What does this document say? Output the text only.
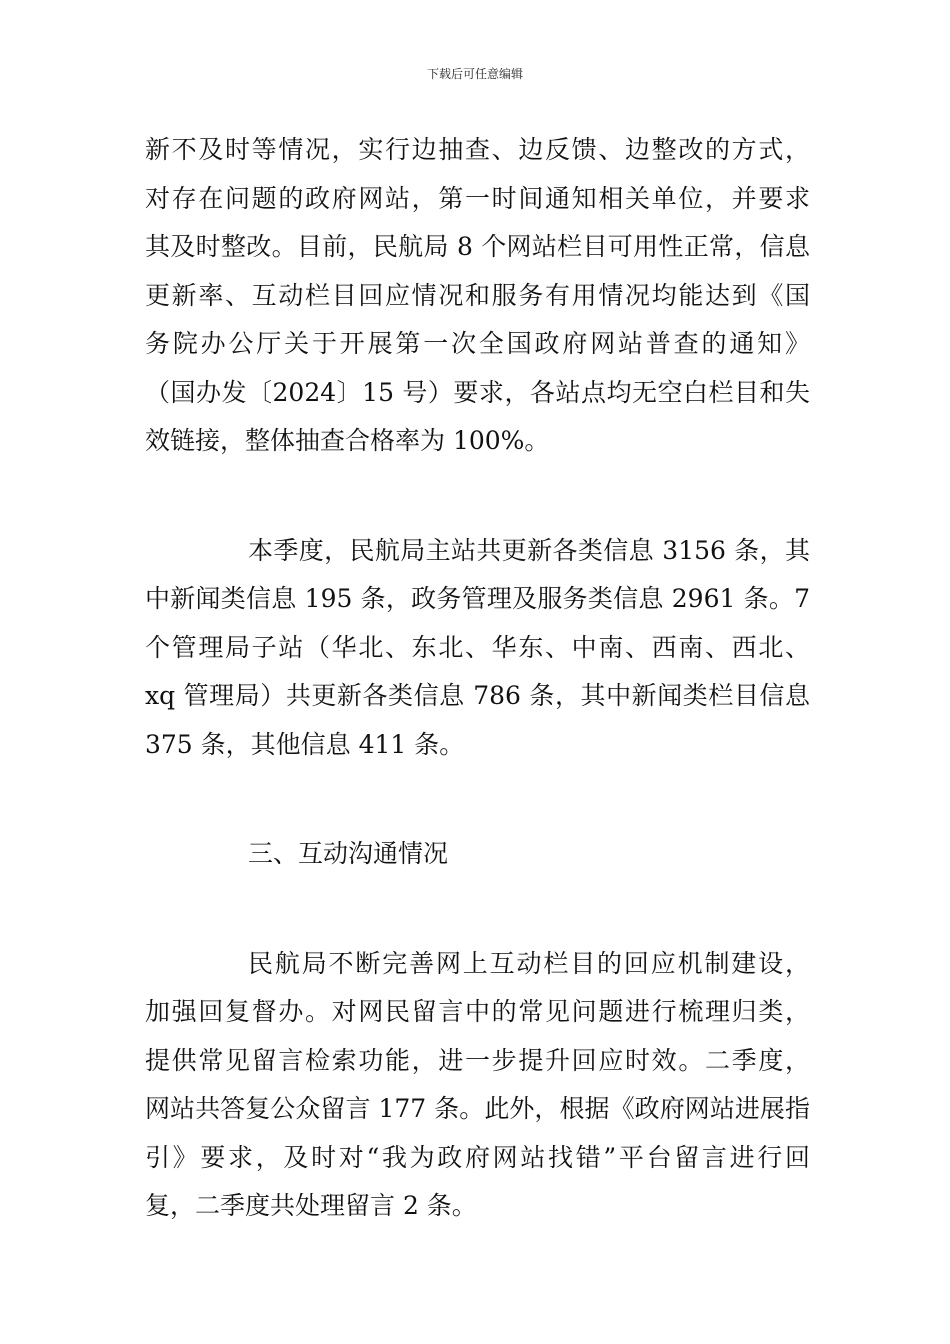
下载后可任意编辑
新不及时等情况，实行边抽查、边反馈、边整改的方式，
对存在问题的政府网站，第一时间通知相关单位，并要求
其及时整改。目前，民航局 8 个网站栏目可用性正常，信息
更新率、互动栏目回应情况和服务有用情况均能达到《国
务院办公厅关于开展第一次全国政府网站普查的通知》
（国办发〔2024〕15 号）要求，各站点均无空白栏目和失
效链接，整体抽查合格率为 100%。
本季度，民航局主站共更新各类信息 3156 条，其
中新闻类信息 195 条，政务管理及服务类信息 2961 条。7
个管理局子站（华北、东北、华东、中南、西南、西北、
xq 管理局）共更新各类信息 786 条，其中新闻类栏目信息
375 条，其他信息 411 条。
三、互动沟通情况
民航局不断完善网上互动栏目的回应机制建设，
加强回复督办。对网民留言中的常见问题进行梳理归类，
提供常见留言检索功能，进一步提升回应时效。二季度，
网站共答复公众留言 177 条。此外，根据《政府网站进展指
引》要求，及时对“我为政府网站找错”平台留言进行回
复，二季度共处理留言 2 条。
